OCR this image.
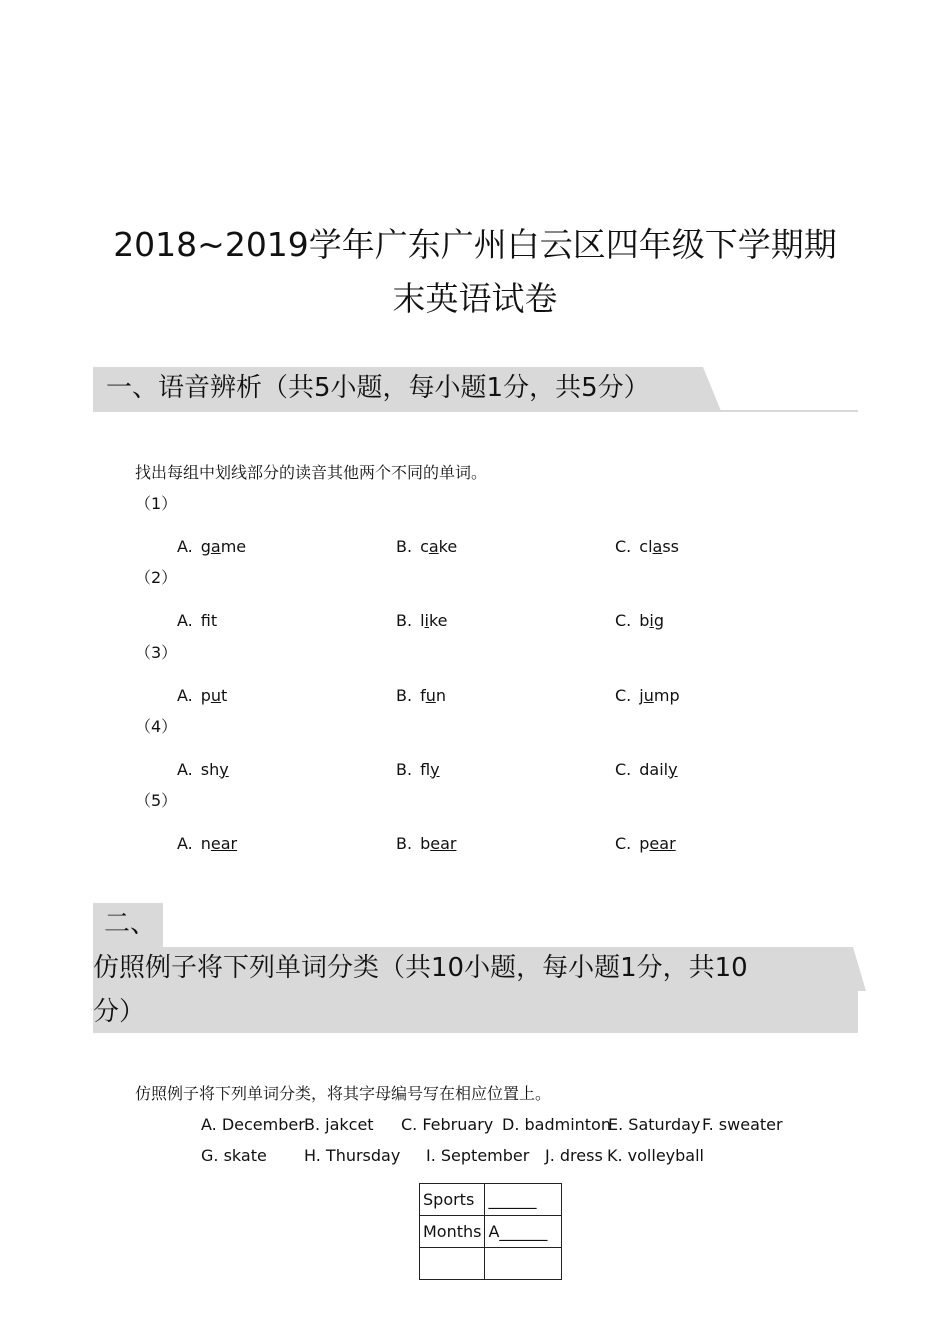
2018~2019学年广东广州白云区四年级下学期期
末英语试卷
一、语音辨析（共5小题，每小题1分，共5分）
找出每组中划线部分的读音其他两个不同的单词。
（1）
A. game	B. cake	C. class
（2）
A. ft	B. like	C. big
（3）
A. put	B. fun	C. jump
（4）
A. shy	B. fly	C. daily
（5）
A. near	B. bear	C. pear
二、
仿照例子将下列单词分类（共10小题，每小题1分，共10
分）
仿照例子将下列单词分类，将其字母编号写在相应位置上。
A. December B. jakcet C. February D. badminton
E. Saturday F. sweater
G. skate H. Thursday I. September J. dress K. volleyball
Sports	______
Months	A______
